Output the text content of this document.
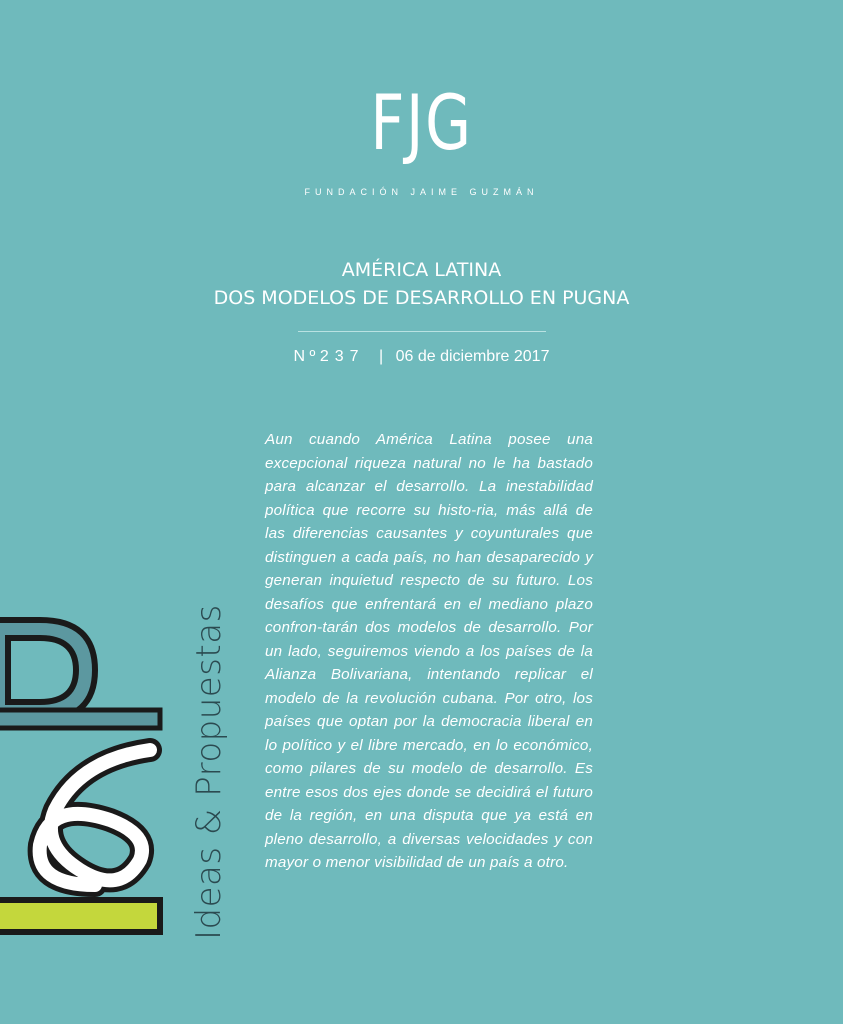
FJG
FUNDACIÓN JAIME GUZMÁN
AMÉRICA LATINA
DOS MODELOS DE DESARROLLO EN PUGNA
N º 237 | 06 de diciembre 2017
Aun cuando América Latina posee una excepcional riqueza natural no le ha bastado para alcanzar el desarrollo. La inestabilidad política que recorre su histo-ria, más allá de las diferencias causantes y coyunturales que distinguen a cada país, no han desaparecido y generan inquietud respecto de su futuro. Los desafíos que enfrentará en el mediano plazo confron-tarán dos modelos de desarrollo. Por un lado, seguiremos viendo a los países de la Alianza Bolivariana, intentando replicar el modelo de la revolución cubana. Por otro, los países que optan por la democracia liberal en lo político y el libre mercado, en lo económico, como pilares de su modelo de desarrollo. Es entre esos dos ejes donde se decidirá el futuro de la región, en una disputa que ya está en pleno desarrollo, a diversas velocidades y con mayor o menor visibilidad de un país a otro.
Ideas & Propuestas
